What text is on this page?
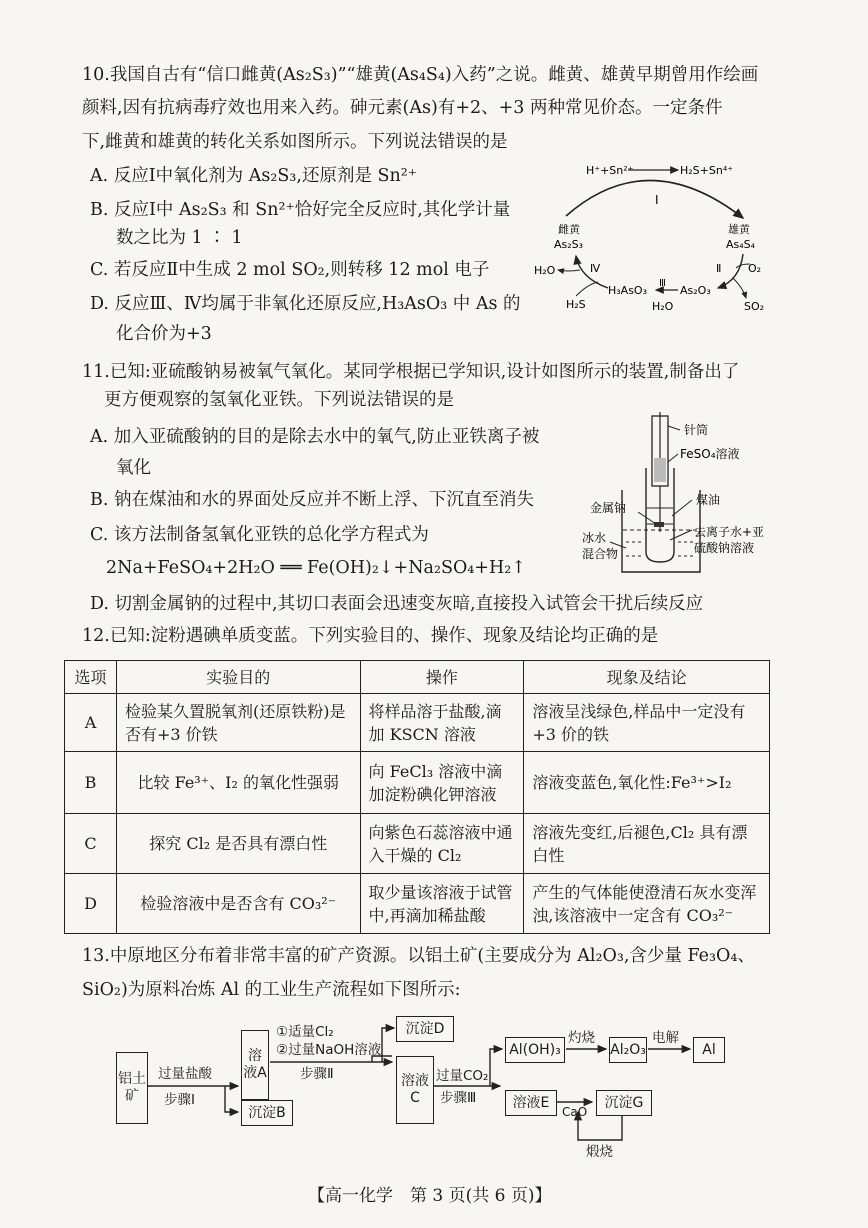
10.我国自古有“信口雌黄(As₂S₃)”“雄黄(As₄S₄)入药”之说。雌黄、雄黄早期曾用作绘画
颜料,因有抗病毒疗效也用来入药。砷元素(As)有+2、+3 两种常见价态。一定条件
下,雌黄和雄黄的转化关系如图所示。下列说法错误的是
A. 反应Ⅰ中氧化剂为 As₂S₃,还原剂是 Sn²⁺
B. 反应Ⅰ中 As₂S₃ 和 Sn²⁺恰好完全反应时,其化学计量
数之比为 1 ∶ 1
C. 若反应Ⅱ中生成 2 mol SO₂,则转移 12 mol 电子
D. 反应Ⅲ、Ⅳ均属于非氧化还原反应,H₃AsO₃ 中 As 的
化合价为+3
H⁺+Sn²⁺	H₂S+Sn⁴⁺
Ⅰ
雌黄
As₂S₃
雄黄
As₄S₄
Ⅳ
H₂O
H₂S
Ⅱ O₂
SO₂
H₃AsO₃	As₂O₃
Ⅲ
H₂O
11.已知:亚硫酸钠易被氧气氧化。某同学根据已学知识,设计如图所示的装置,制备出了
更方便观察的氢氧化亚铁。下列说法错误的是
A. 加入亚硫酸钠的目的是除去水中的氧气,防止亚铁离子被
氧化
B. 钠在煤油和水的界面处反应并不断上浮、下沉直至消失
C. 该方法制备氢氧化亚铁的总化学方程式为
2Na+FeSO₄+2H₂O ══ Fe(OH)₂↓+Na₂SO₄+H₂↑
D. 切割金属钠的过程中,其切口表面会迅速变灰暗,直接投入试管会干扰后续反应
针筒
FeSO₄溶液
煤油
金属钠
去离子水+亚
硫酸钠溶液
冰水
混合物
12.已知:淀粉遇碘单质变蓝。下列实验目的、操作、现象及结论均正确的是
选项	实验目的	操作	现象及结论
A	检验某久置脱氧剂(还原铁粉)是否有+3 价铁	将样品溶于盐酸,滴加 KSCN 溶液	溶液呈浅绿色,样品中一定没有+3 价的铁
B	比较 Fe³⁺、I₂ 的氧化性强弱	向 FeCl₃ 溶液中滴加淀粉碘化钾溶液	溶液变蓝色,氧化性:Fe³⁺>I₂
C	探究 Cl₂ 是否具有漂白性	向紫色石蕊溶液中通入干燥的 Cl₂	溶液先变红,后褪色,Cl₂ 具有漂白性
D	检验溶液中是否含有 CO₃²⁻	取少量该溶液于试管中,再滴加稀盐酸	产生的气体能使澄清石灰水变浑浊,该溶液中一定含有 CO₃²⁻
13.中原地区分布着非常丰富的矿产资源。以铝土矿(主要成分为 Al₂O₃,含少量 Fe₃O₄、
SiO₂)为原料冶炼 Al 的工业生产流程如下图所示:
铝土矿
溶液A
沉淀B
沉淀D
溶液C
Al(OH)₃	Al₂O₃	Al
溶液E	沉淀G
过量盐酸
步骤Ⅰ
①适量Cl₂
②过量NaOH溶液
步骤Ⅱ	过量CO₂
步骤Ⅲ
灼烧	电解
CaO
煅烧
【高一化学　第 3 页(共 6 页)】
